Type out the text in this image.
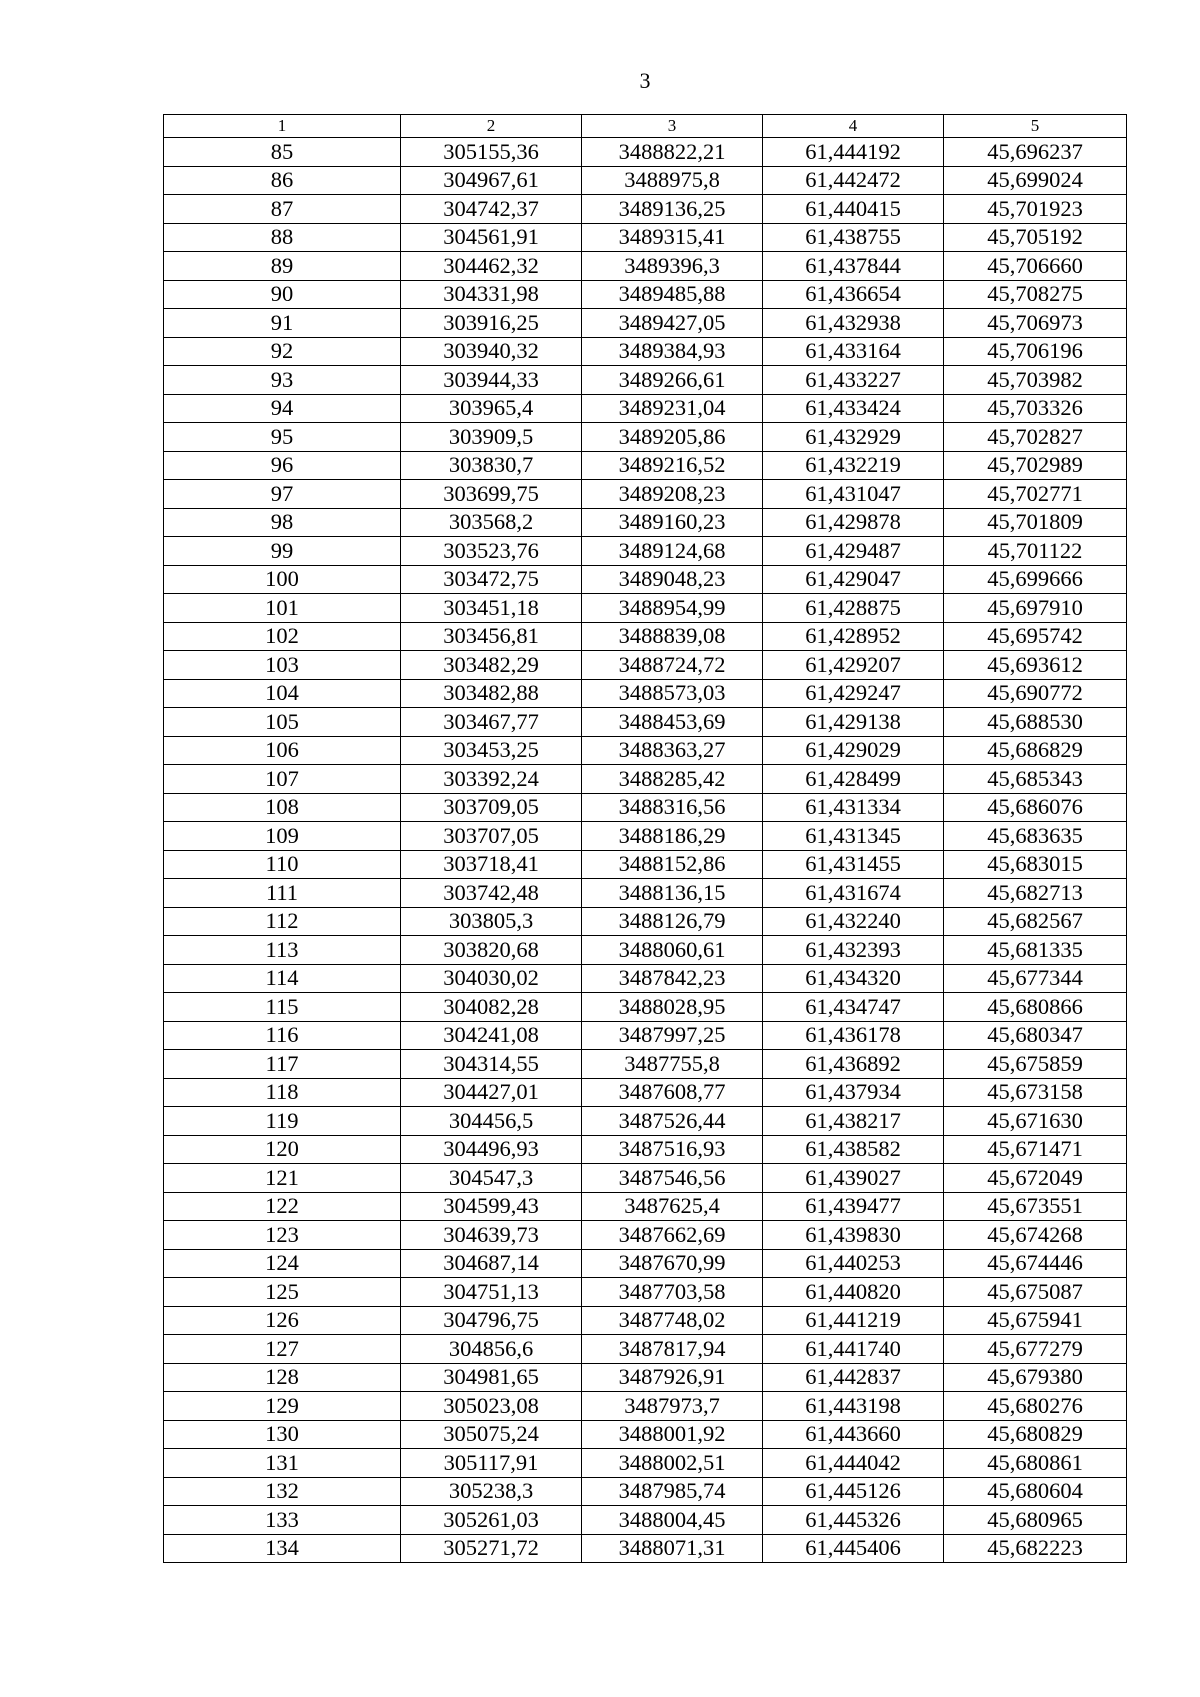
3
1	2	3	4	5
85	305155,36	3488822,21	61,444192	45,696237
86	304967,61	3488975,8	61,442472	45,699024
87	304742,37	3489136,25	61,440415	45,701923
88	304561,91	3489315,41	61,438755	45,705192
89	304462,32	3489396,3	61,437844	45,706660
90	304331,98	3489485,88	61,436654	45,708275
91	303916,25	3489427,05	61,432938	45,706973
92	303940,32	3489384,93	61,433164	45,706196
93	303944,33	3489266,61	61,433227	45,703982
94	303965,4	3489231,04	61,433424	45,703326
95	303909,5	3489205,86	61,432929	45,702827
96	303830,7	3489216,52	61,432219	45,702989
97	303699,75	3489208,23	61,431047	45,702771
98	303568,2	3489160,23	61,429878	45,701809
99	303523,76	3489124,68	61,429487	45,701122
100	303472,75	3489048,23	61,429047	45,699666
101	303451,18	3488954,99	61,428875	45,697910
102	303456,81	3488839,08	61,428952	45,695742
103	303482,29	3488724,72	61,429207	45,693612
104	303482,88	3488573,03	61,429247	45,690772
105	303467,77	3488453,69	61,429138	45,688530
106	303453,25	3488363,27	61,429029	45,686829
107	303392,24	3488285,42	61,428499	45,685343
108	303709,05	3488316,56	61,431334	45,686076
109	303707,05	3488186,29	61,431345	45,683635
110	303718,41	3488152,86	61,431455	45,683015
111	303742,48	3488136,15	61,431674	45,682713
112	303805,3	3488126,79	61,432240	45,682567
113	303820,68	3488060,61	61,432393	45,681335
114	304030,02	3487842,23	61,434320	45,677344
115	304082,28	3488028,95	61,434747	45,680866
116	304241,08	3487997,25	61,436178	45,680347
117	304314,55	3487755,8	61,436892	45,675859
118	304427,01	3487608,77	61,437934	45,673158
119	304456,5	3487526,44	61,438217	45,671630
120	304496,93	3487516,93	61,438582	45,671471
121	304547,3	3487546,56	61,439027	45,672049
122	304599,43	3487625,4	61,439477	45,673551
123	304639,73	3487662,69	61,439830	45,674268
124	304687,14	3487670,99	61,440253	45,674446
125	304751,13	3487703,58	61,440820	45,675087
126	304796,75	3487748,02	61,441219	45,675941
127	304856,6	3487817,94	61,441740	45,677279
128	304981,65	3487926,91	61,442837	45,679380
129	305023,08	3487973,7	61,443198	45,680276
130	305075,24	3488001,92	61,443660	45,680829
131	305117,91	3488002,51	61,444042	45,680861
132	305238,3	3487985,74	61,445126	45,680604
133	305261,03	3488004,45	61,445326	45,680965
134	305271,72	3488071,31	61,445406	45,682223
